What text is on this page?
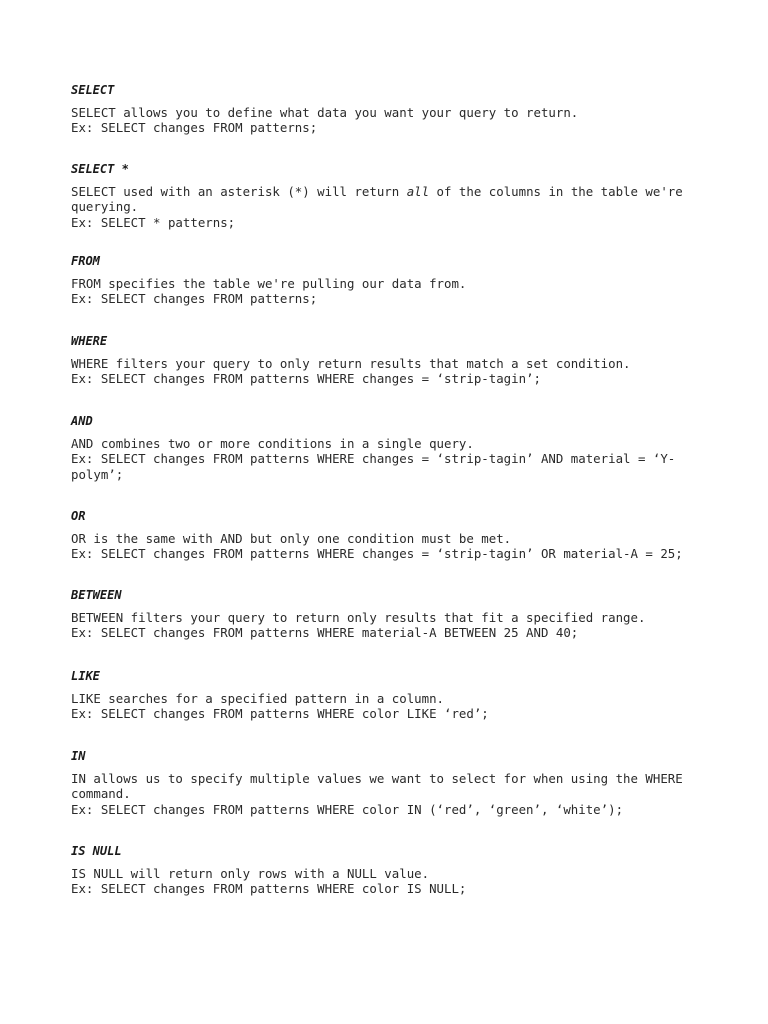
SELECT

SELECT allows you to define what data you want your query to return.

Ex: SELECT changes FROM patterns;

SELECT *

SELECT used with an asterisk (*) will return all of the columns in the table we're querying.

Ex: SELECT * patterns;

FROM

FROM specifies the table we're pulling our data from.

Ex: SELECT changes FROM patterns;

WHERE

WHERE filters your query to only return results that match a set condition.

Ex: SELECT changes FROM patterns WHERE changes = ‘strip-tagin’;

AND

AND combines two or more conditions in a single query.

Ex: SELECT changes FROM patterns WHERE changes = ‘strip-tagin’ AND material = ‘Y-polym’;

OR

OR is the same with AND but only one condition must be met.

Ex: SELECT changes FROM patterns WHERE changes = ‘strip-tagin’ OR material-A = 25;

BETWEEN

BETWEEN filters your query to return only results that fit a specified range.

Ex: SELECT changes FROM patterns WHERE material-A BETWEEN 25 AND 40;

LIKE

LIKE searches for a specified pattern in a column.

Ex: SELECT changes FROM patterns WHERE color LIKE ‘red’;

IN

IN allows us to specify multiple values we want to select for when using the WHERE command.

Ex: SELECT changes FROM patterns WHERE color IN (‘red’, ‘green’, ‘white’);

IS NULL

IS NULL will return only rows with a NULL value.

Ex: SELECT changes FROM patterns WHERE color IS NULL;
